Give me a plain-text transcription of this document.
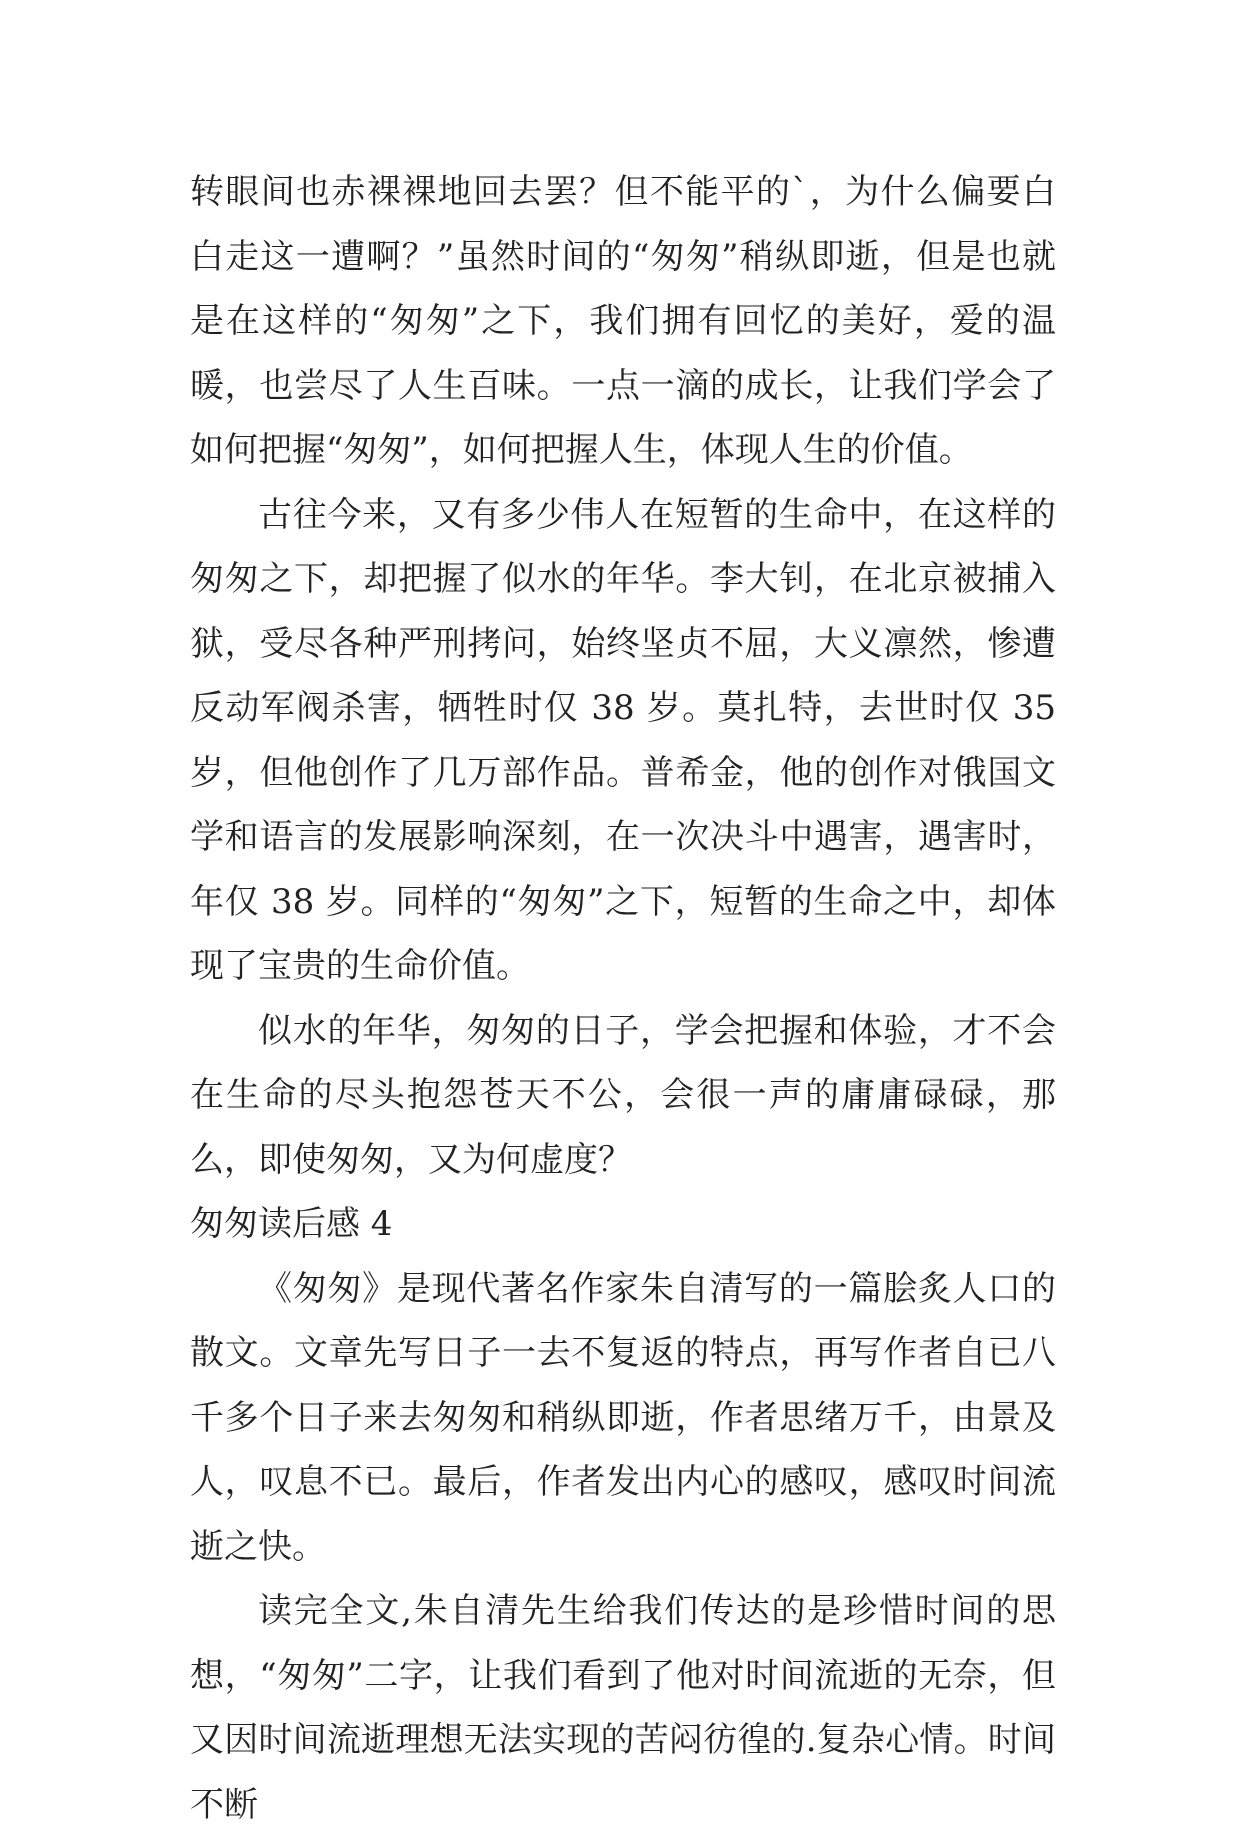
转眼间也赤裸裸地回去罢？但不能平的`，为什么偏要白白走这一遭啊？”虽然时间的“匆匆”稍纵即逝，但是也就是在这样的“匆匆”之下，我们拥有回忆的美好，爱的温暖，也尝尽了人生百味。一点一滴的成长，让我们学会了如何把握“匆匆”，如何把握人生，体现人生的价值。

古往今来，又有多少伟人在短暂的生命中，在这样的匆匆之下，却把握了似水的年华。李大钊，在北京被捕入狱，受尽各种严刑拷问，始终坚贞不屈，大义凛然，惨遭反动军阀杀害，牺牲时仅 38 岁。莫扎特，去世时仅 35 岁，但他创作了几万部作品。普希金，他的创作对俄国文学和语言的发展影响深刻，在一次决斗中遇害，遇害时，年仅 38 岁。同样的“匆匆”之下，短暂的生命之中，却体现了宝贵的生命价值。

似水的年华，匆匆的日子，学会把握和体验，才不会在生命的尽头抱怨苍天不公，会很一声的庸庸碌碌，那么，即使匆匆，又为何虚度？

匆匆读后感 4

《匆匆》是现代著名作家朱自清写的一篇脍炙人口的散文。文章先写日子一去不复返的特点，再写作者自已八千多个日子来去匆匆和稍纵即逝，作者思绪万千，由景及人，叹息不已。最后，作者发出内心的感叹，感叹时间流逝之快。

读完全文,朱自清先生给我们传达的是珍惜时间的思想，“匆匆”二字，让我们看到了他对时间流逝的无奈，但又因时间流逝理想无法实现的苦闷彷徨的.复杂心情。时间不断
